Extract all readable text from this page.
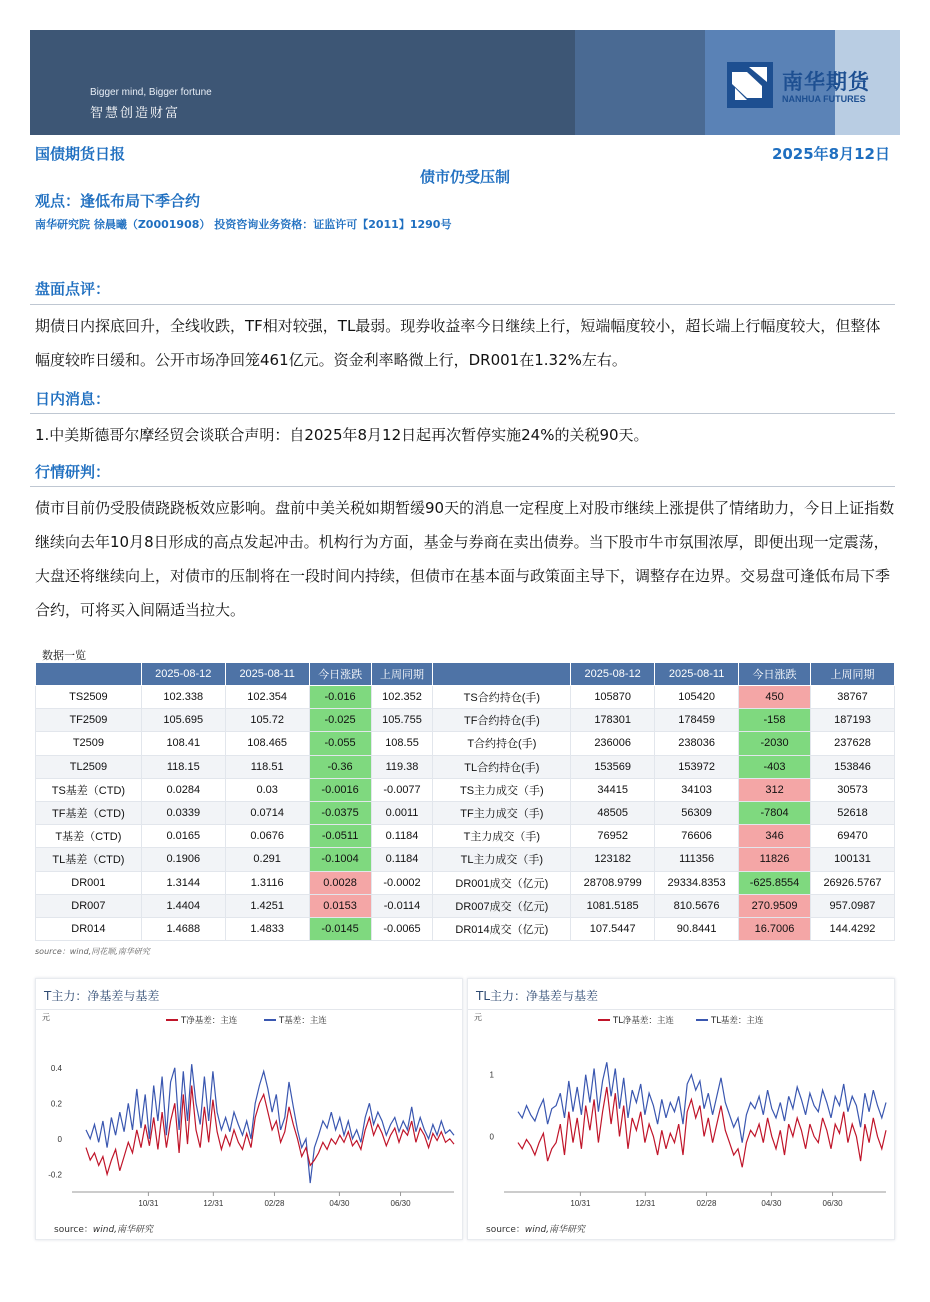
Bigger mind, Bigger fortune
智慧创造财富
南华期货
NANHUA FUTURES
国债期货日报	2025年8月12日
债市仍受压制
观点：逢低布局下季合约
南华研究院 徐晨曦（Z0001908） 投资咨询业务资格：证监许可【2011】1290号
盘面点评：
期债日内探底回升，全线收跌，TF相对较强，TL最弱。现券收益率今日继续上行，短端幅度较小，超长端上行幅度较大，但整体幅度较昨日缓和。公开市场净回笼461亿元。资金利率略微上行，DR001在1.32%左右。
日内消息：
1.中美斯德哥尔摩经贸会谈联合声明：自2025年8月12日起再次暂停实施24%的关税90天。
行情研判：
债市目前仍受股债跷跷板效应影响。盘前中美关税如期暂缓90天的消息一定程度上对股市继续上涨提供了情绪助力，今日上证指数继续向去年10月8日形成的高点发起冲击。机构行为方面，基金与券商在卖出债券。当下股市牛市氛围浓厚，即便出现一定震荡，大盘还将继续向上，对债市的压制将在一段时间内持续，但债市在基本面与政策面主导下，调整存在边界。交易盘可逢低布局下季合约，可将买入间隔适当拉大。
数据一览
	2025-08-12	2025-08-11	今日涨跌	上周同期		2025-08-12	2025-08-11	今日涨跌	上周同期
TS2509	102.338	102.354	-0.016	102.352	TS合约持仓(手)	105870	105420	450	38767
TF2509	105.695	105.72	-0.025	105.755	TF合约持仓(手)	178301	178459	-158	187193
T2509	108.41	108.465	-0.055	108.55	T合约持仓(手)	236006	238036	-2030	237628
TL2509	118.15	118.51	-0.36	119.38	TL合约持仓(手)	153569	153972	-403	153846
TS基差（CTD)	0.0284	0.03	-0.0016	-0.0077	TS主力成交（手)	34415	34103	312	30573
TF基差（CTD)	0.0339	0.0714	-0.0375	0.0011	TF主力成交（手)	48505	56309	-7804	52618
T基差（CTD)	0.0165	0.0676	-0.0511	0.1184	T主力成交（手)	76952	76606	346	69470
TL基差（CTD)	0.1906	0.291	-0.1004	0.1184	TL主力成交（手)	123182	111356	11826	100131
DR001	1.3144	1.3116	0.0028	-0.0002	DR001成交（亿元)	28708.9799	29334.8353	-625.8554	26926.5767
DR007	1.4404	1.4251	0.0153	-0.0114	DR007成交（亿元)	1081.5185	810.5676	270.9509	957.0987
DR014	1.4688	1.4833	-0.0145	-0.0065	DR014成交（亿元)	107.5447	90.8441	16.7006	144.4292
source：wind,同花顺,南华研究
T主力：净基差与基差
元	T净基差：主连	T基差：主连
-0.2
0
0.2
0.4
10/31	12/31	02/28	04/30	06/30
source：wind,南华研究
TL主力：净基差与基差
元	TL净基差：主连	TL基差：主连
0
1
10/31	12/31	02/28	04/30	06/30
source：wind,南华研究
